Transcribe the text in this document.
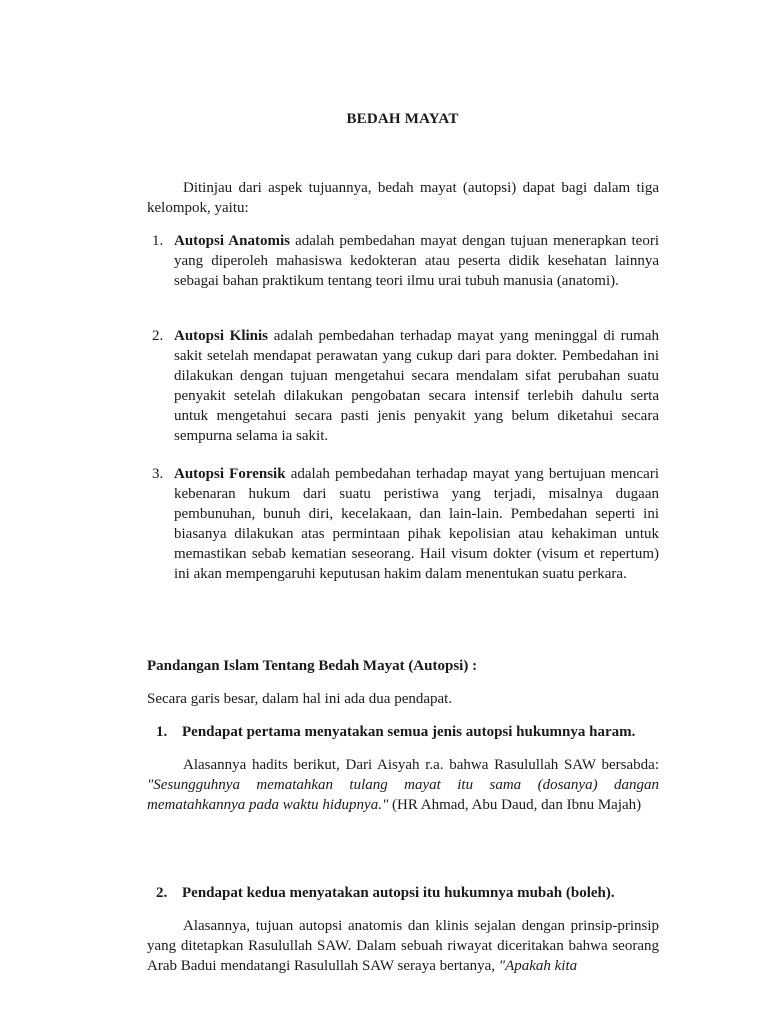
BEDAH MAYAT

Ditinjau dari aspek tujuannya, bedah mayat (autopsi) dapat bagi dalam tiga kelompok, yaitu:

1. Autopsi Anatomis adalah pembedahan mayat dengan tujuan menerapkan teori yang diperoleh mahasiswa kedokteran atau peserta didik kesehatan lainnya sebagai bahan praktikum tentang teori ilmu urai tubuh manusia (anatomi).
2. Autopsi Klinis adalah pembedahan terhadap mayat yang meninggal di rumah sakit setelah mendapat perawatan yang cukup dari para dokter. Pembedahan ini dilakukan dengan tujuan mengetahui secara mendalam sifat perubahan suatu penyakit setelah dilakukan pengobatan secara intensif terlebih dahulu serta untuk mengetahui secara pasti jenis penyakit yang belum diketahui secara sempurna selama ia sakit.
3. Autopsi Forensik adalah pembedahan terhadap mayat yang bertujuan mencari kebenaran hukum dari suatu peristiwa yang terjadi, misalnya dugaan pembunuhan, bunuh diri, kecelakaan, dan lain-lain. Pembedahan seperti ini biasanya dilakukan atas permintaan pihak kepolisian atau kehakiman untuk memastikan sebab kematian seseorang. Hail visum dokter (visum et repertum) ini akan mempengaruhi keputusan hakim dalam menentukan suatu perkara.
Pandangan Islam Tentang Bedah Mayat (Autopsi) :
Secara garis besar, dalam hal ini ada dua pendapat.
1. Pendapat pertama menyatakan semua jenis autopsi hukumnya haram.

Alasannya hadits berikut, Dari Aisyah r.a. bahwa Rasulullah SAW bersabda: "Sesungguhnya mematahkan tulang mayat itu sama (dosanya) dangan mematahkannya pada waktu hidupnya." (HR Ahmad, Abu Daud, dan Ibnu Majah)

2. Pendapat kedua menyatakan autopsi itu hukumnya mubah (boleh).

Alasannya, tujuan autopsi anatomis dan klinis sejalan dengan prinsip-prinsip yang ditetapkan Rasulullah SAW. Dalam sebuah riwayat diceritakan bahwa seorang Arab Badui mendatangi Rasulullah SAW seraya bertanya, "Apakah kita
